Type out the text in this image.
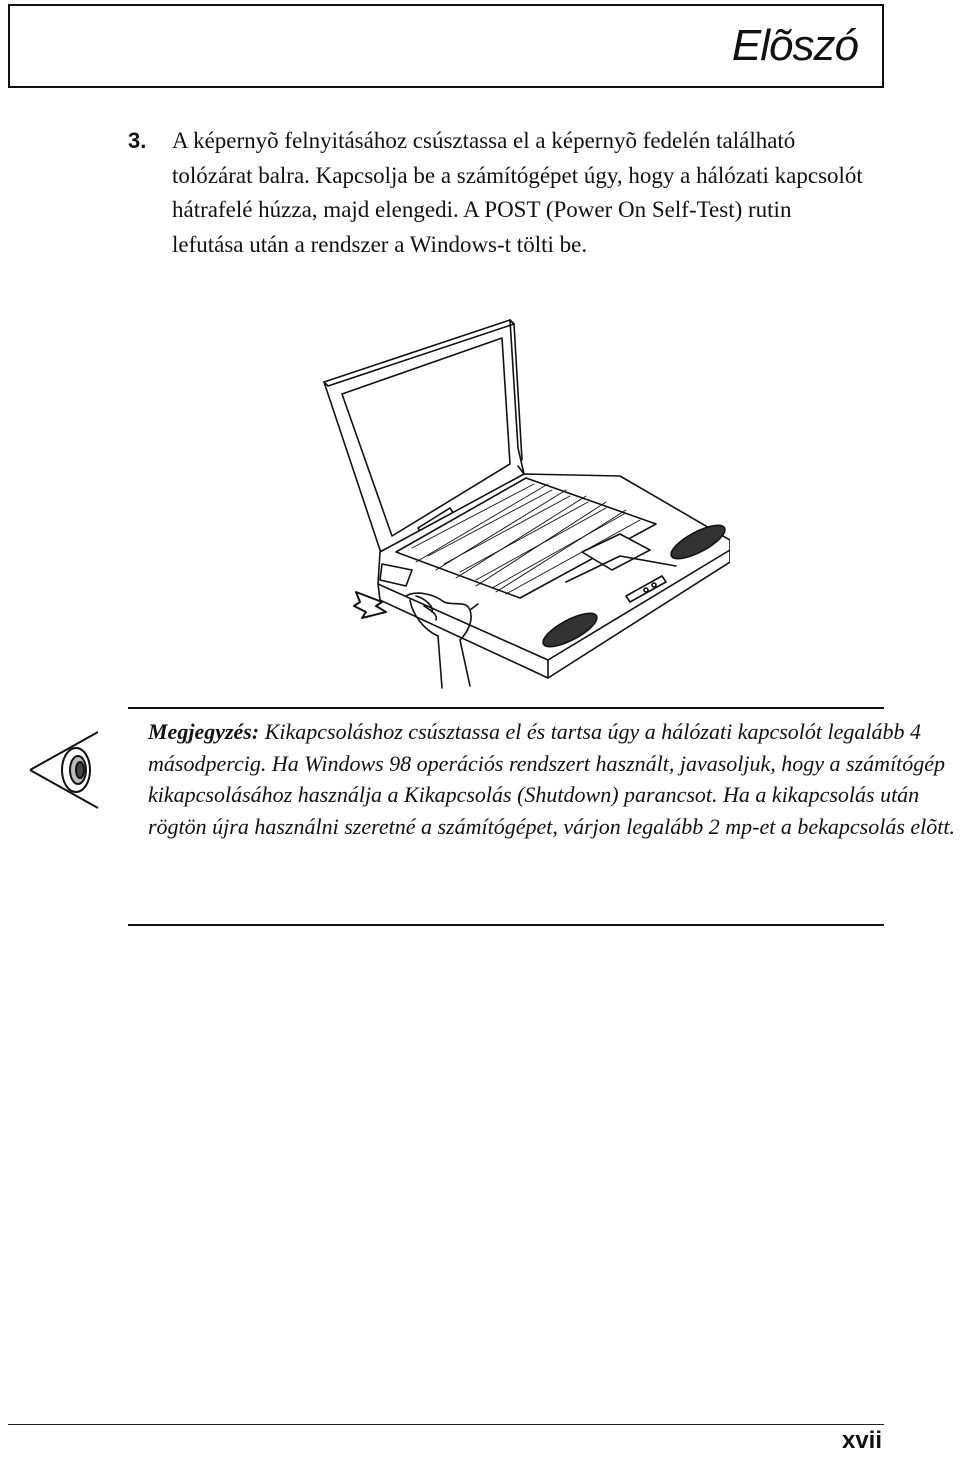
Elõszó
3. A képernyõ felnyitásához csúsztassa el a képernyõ fedelén található tolózárat balra. Kapcsolja be a számítógépet úgy, hogy a hálózati kapcsolót hátrafelé húzza, majd elengedi. A POST (Power On Self-Test) rutin lefutása után a rendszer a Windows-t tölti be.
Megjegyzés: Kikapcsoláshoz csúsztassa el és tartsa úgy a hálózati kapcsolót legalább 4 másodpercig. Ha Windows 98 operációs rendszert használt, javasoljuk, hogy a számítógép kikapcsolásához használja a Kikapcsolás (Shutdown) parancsot. Ha a kikapcsolás után rögtön újra használni szeretné a számítógépet, várjon legalább 2 mp-et a bekapcsolás elõtt.
xvii
